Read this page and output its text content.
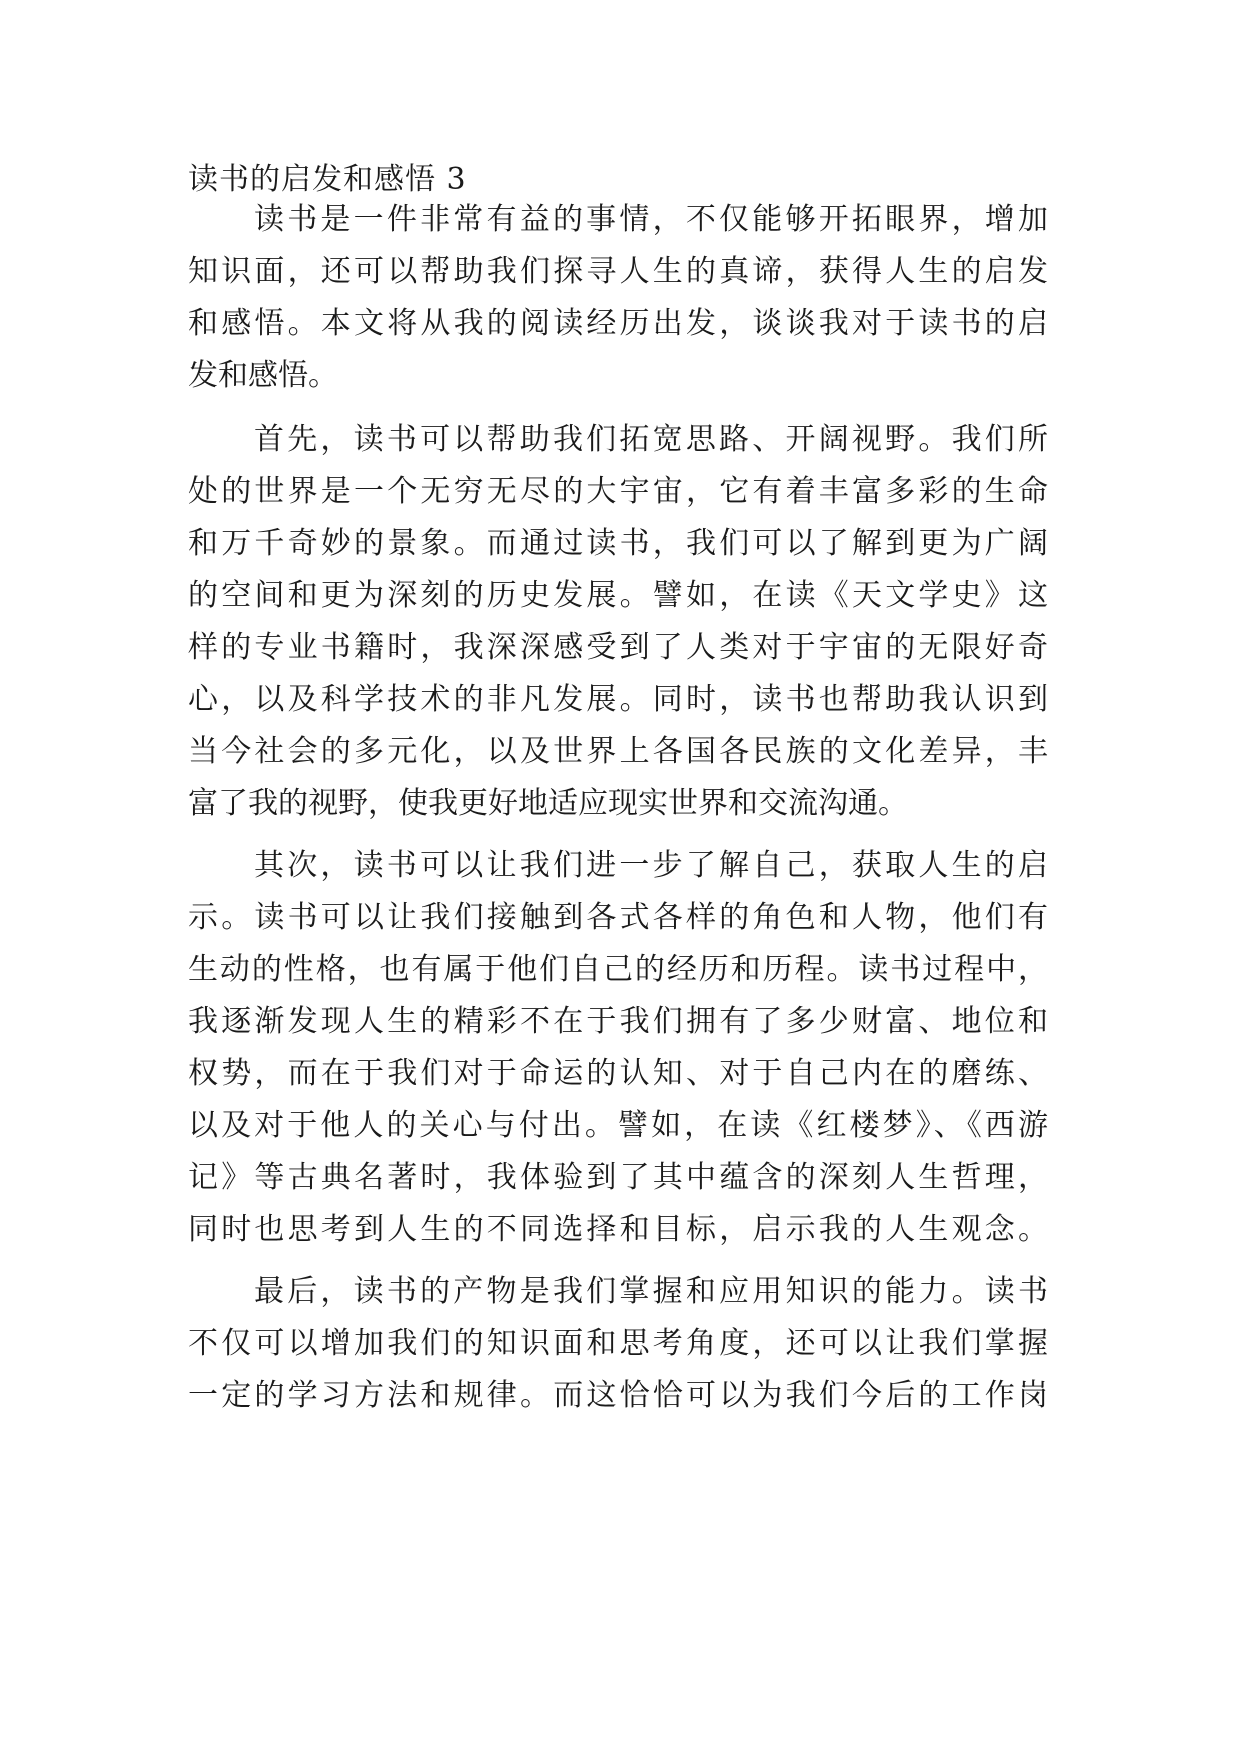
读书的启发和感悟 3
读书是一件非常有益的事情，不仅能够开拓眼界，增加
知识面，还可以帮助我们探寻人生的真谛，获得人生的启发
和感悟。本文将从我的阅读经历出发，谈谈我对于读书的启
发和感悟。
首先，读书可以帮助我们拓宽思路、开阔视野。我们所
处的世界是一个无穷无尽的大宇宙，它有着丰富多彩的生命
和万千奇妙的景象。而通过读书，我们可以了解到更为广阔
的空间和更为深刻的历史发展。譬如，在读《天文学史》这
样的专业书籍时，我深深感受到了人类对于宇宙的无限好奇
心，以及科学技术的非凡发展。同时，读书也帮助我认识到
当今社会的多元化，以及世界上各国各民族的文化差异，丰
富了我的视野，使我更好地适应现实世界和交流沟通。
其次，读书可以让我们进一步了解自己，获取人生的启
示。读书可以让我们接触到各式各样的角色和人物，他们有
生动的性格，也有属于他们自己的经历和历程。读书过程中，
我逐渐发现人生的精彩不在于我们拥有了多少财富、地位和
权势，而在于我们对于命运的认知、对于自己内在的磨练、
以及对于他人的关心与付出。譬如，在读《红楼梦》、《西游
记》等古典名著时，我体验到了其中蕴含的深刻人生哲理，
同时也思考到人生的不同选择和目标，启示我的人生观念。
最后，读书的产物是我们掌握和应用知识的能力。读书
不仅可以增加我们的知识面和思考角度，还可以让我们掌握
一定的学习方法和规律。而这恰恰可以为我们今后的工作岗
